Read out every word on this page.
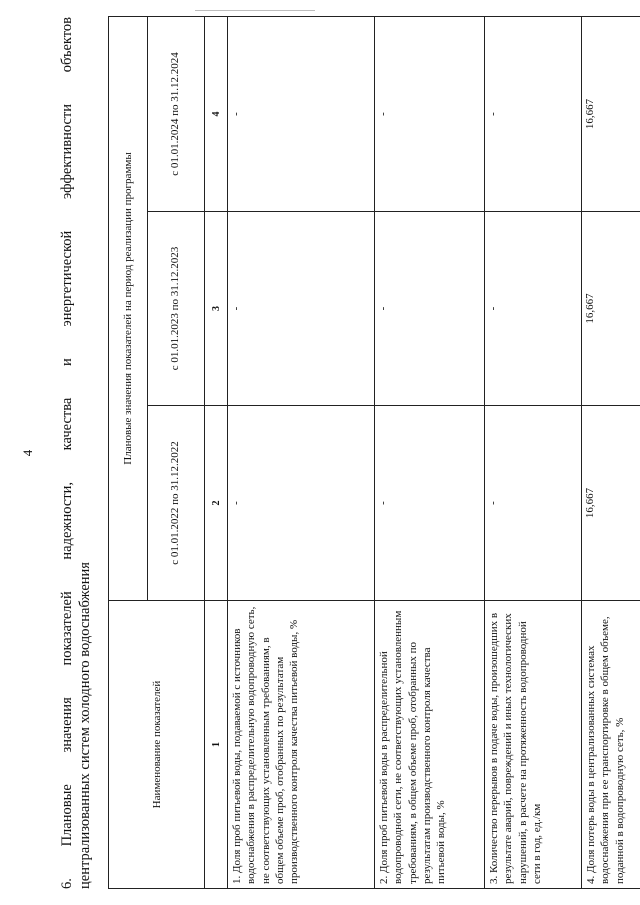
4 6. Плановые значения показателей надежности, качества и энергетической эффективности объектов централизованных систем холодного водоснабжения	Наименование показателей	Плановые значения показателей на период реализации программы		
	с 01.01.2022 по 31.12.2022	с 01.01.2023 по 31.12.2023	с 01.01.2024 по 31.12.2024
1	2	3	4
1. Доля проб питьевой воды, подаваемой с источников водоснабжения в распределительную водопроводную сеть, не соответствующих установленным требованиям, в общем объеме проб, отобранных по результатам производственного контроля качества питьевой воды, %	-	-	-
2. Доля проб питьевой воды в распределительной водопроводной сети, не соответствующих установленным требованиям, в общем объеме проб, отобранных по результатам производственного контроля качества питьевой воды, %	-	-	-
3. Количество перерывов в подаче воды, произошедших в результате аварий, повреждений и иных технологических нарушений, в расчете на протяженность водопроводной сети в год, ед./км	-	-	-
4. Доля потерь воды в централизованных системах водоснабжения при ее транспортировке в общем объеме, поданной в водопроводную сеть, %	16,667	16,667	16,667
